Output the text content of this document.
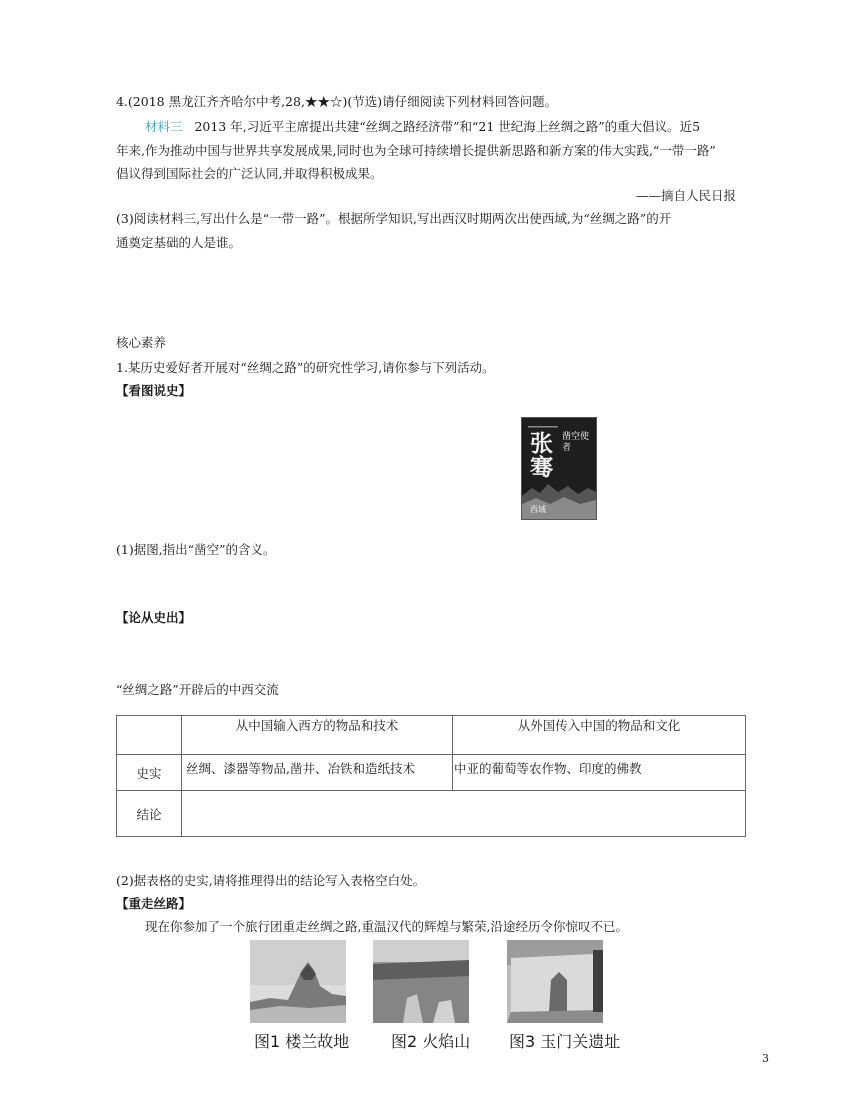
4.(2018 黑龙江齐齐哈尔中考,28,★★☆)(节选)请仔细阅读下列材料回答问题。
材料三 2013 年,习近平主席提出共建“丝绸之路经济带”和“21 世纪海上丝绸之路”的重大倡议。近5
年来,作为推动中国与世界共享发展成果,同时也为全球可持续增长提供新思路和新方案的伟大实践,“一带一路”
倡议得到国际社会的广泛认同,并取得积极成果。
——摘自人民日报
(3)阅读材料三,写出什么是“一带一路”。根据所学知识,写出西汉时期两次出使西域,为“丝绸之路”的开
通奠定基础的人是谁。
核心素养
1.某历史爱好者开展对“丝绸之路”的研究性学习,请你参与下列活动。
【看图说史】
张
骞
凿空使者
西域
(1)据图,指出“凿空”的含义。
【论从史出】
“丝绸之路”开辟后的中西交流
	从中国输入西方的物品和技术	从外国传入中国的物品和文化
史实	丝绸、漆器等物品,凿井、冶铁和造纸技术	中亚的葡萄等农作物、印度的佛教
结论		
(2)据表格的史实,请将推理得出的结论写入表格空白处。
【重走丝路】
现在你参加了一个旅行团重走丝绸之路,重温汉代的辉煌与繁荣,沿途经历令你惊叹不已。
图1 楼兰故地	图2 火焰山 图3 玉门关遗址
3
